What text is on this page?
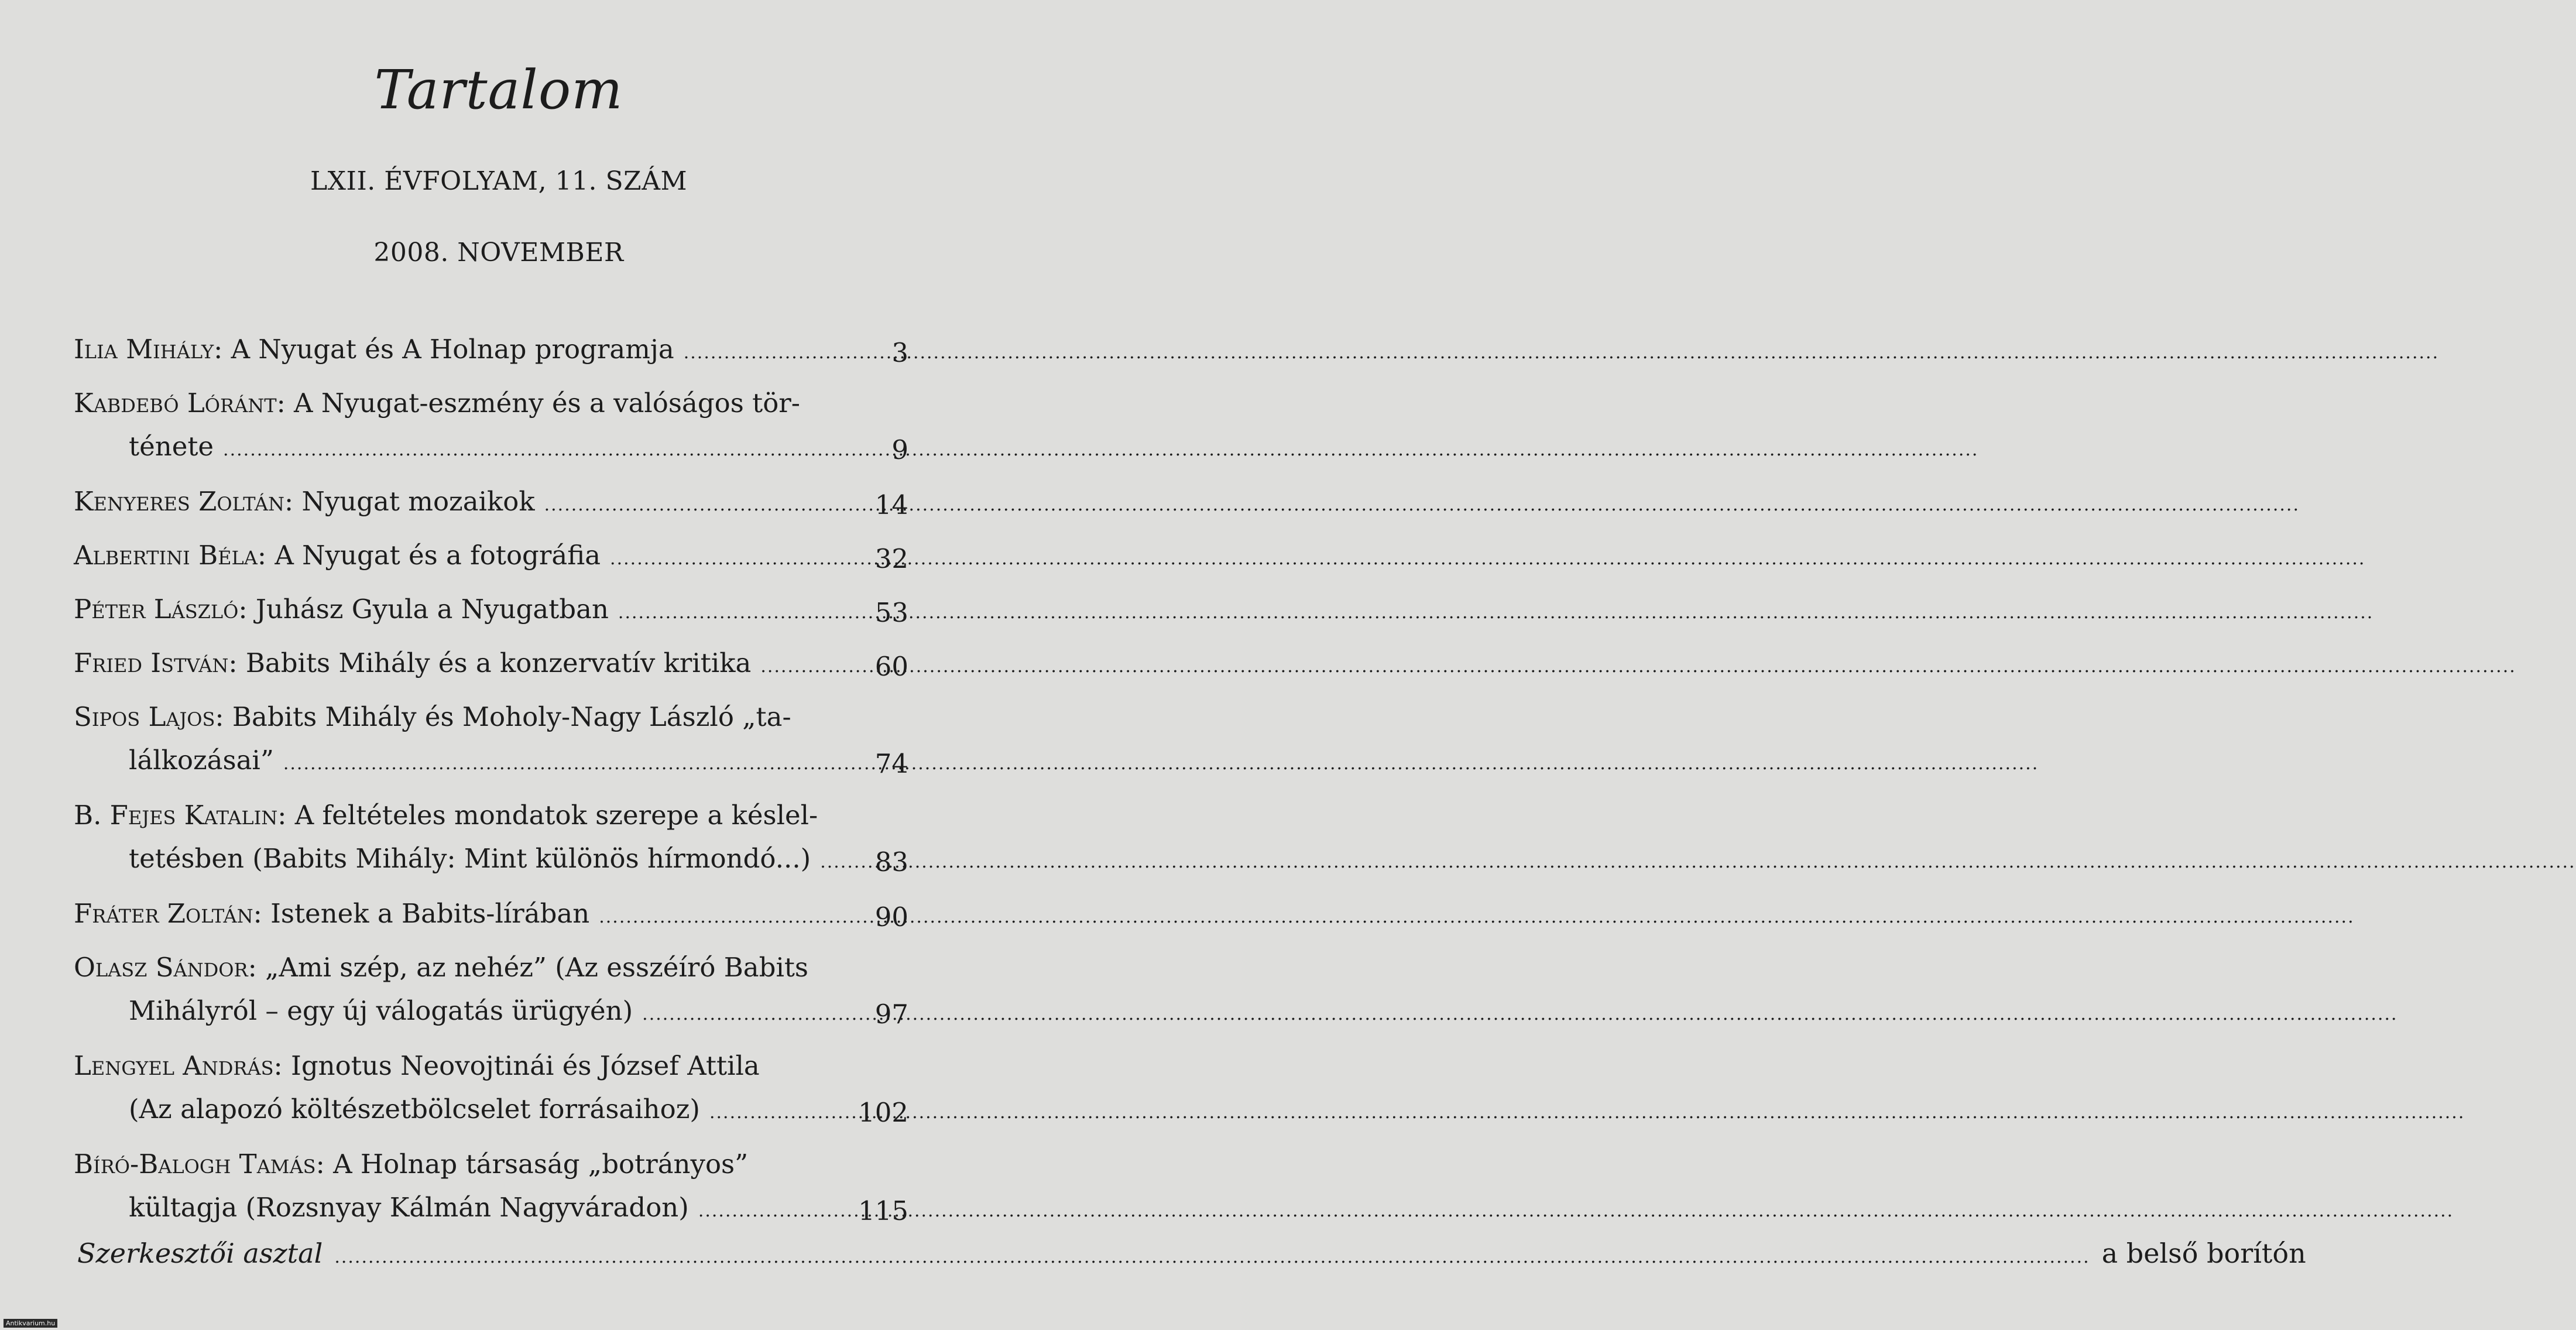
Tartalom
LXII. ÉVFOLYAM, 11. SZÁM
2008. NOVEMBER
Ilia Mihály: A Nyugat és A Holnap programja .....	3
Kabdebó Lóránt: A Nyugat-eszmény és a valóságos tör-
ténete .....	9
Kenyeres Zoltán: Nyugat mozaikok .....	14
Albertini Béla: A Nyugat és a fotográfia .....	32
Péter László: Juhász Gyula a Nyugatban .....	53
Fried István: Babits Mihály és a konzervatív kritika .....	60
Sipos Lajos: Babits Mihály és Moholy-Nagy László „ta-
lálkozásai” .....	74
B. Fejes Katalin: A feltételes mondatok szerepe a késlel-
tetésben (Babits Mihály: Mint különös hírmondó...) .....	83
Fráter Zoltán: Istenek a Babits-lírában .....	90
Olasz Sándor: „Ami szép, az nehéz” (Az esszéíró Babits
Mihályról – egy új válogatás ürügyén) .....	97
Lengyel András: Ignotus Neovojtinái és József Attila
(Az alapozó költészetbölcselet forrásaihoz) .....	102
Bíró-Balogh Tamás: A Holnap társaság „botrányos”
kültagja (Rozsnyay Kálmán Nagyváradon) .....	115
Szerkesztői asztal .....	a belső borítón
Antikvarium.hu
